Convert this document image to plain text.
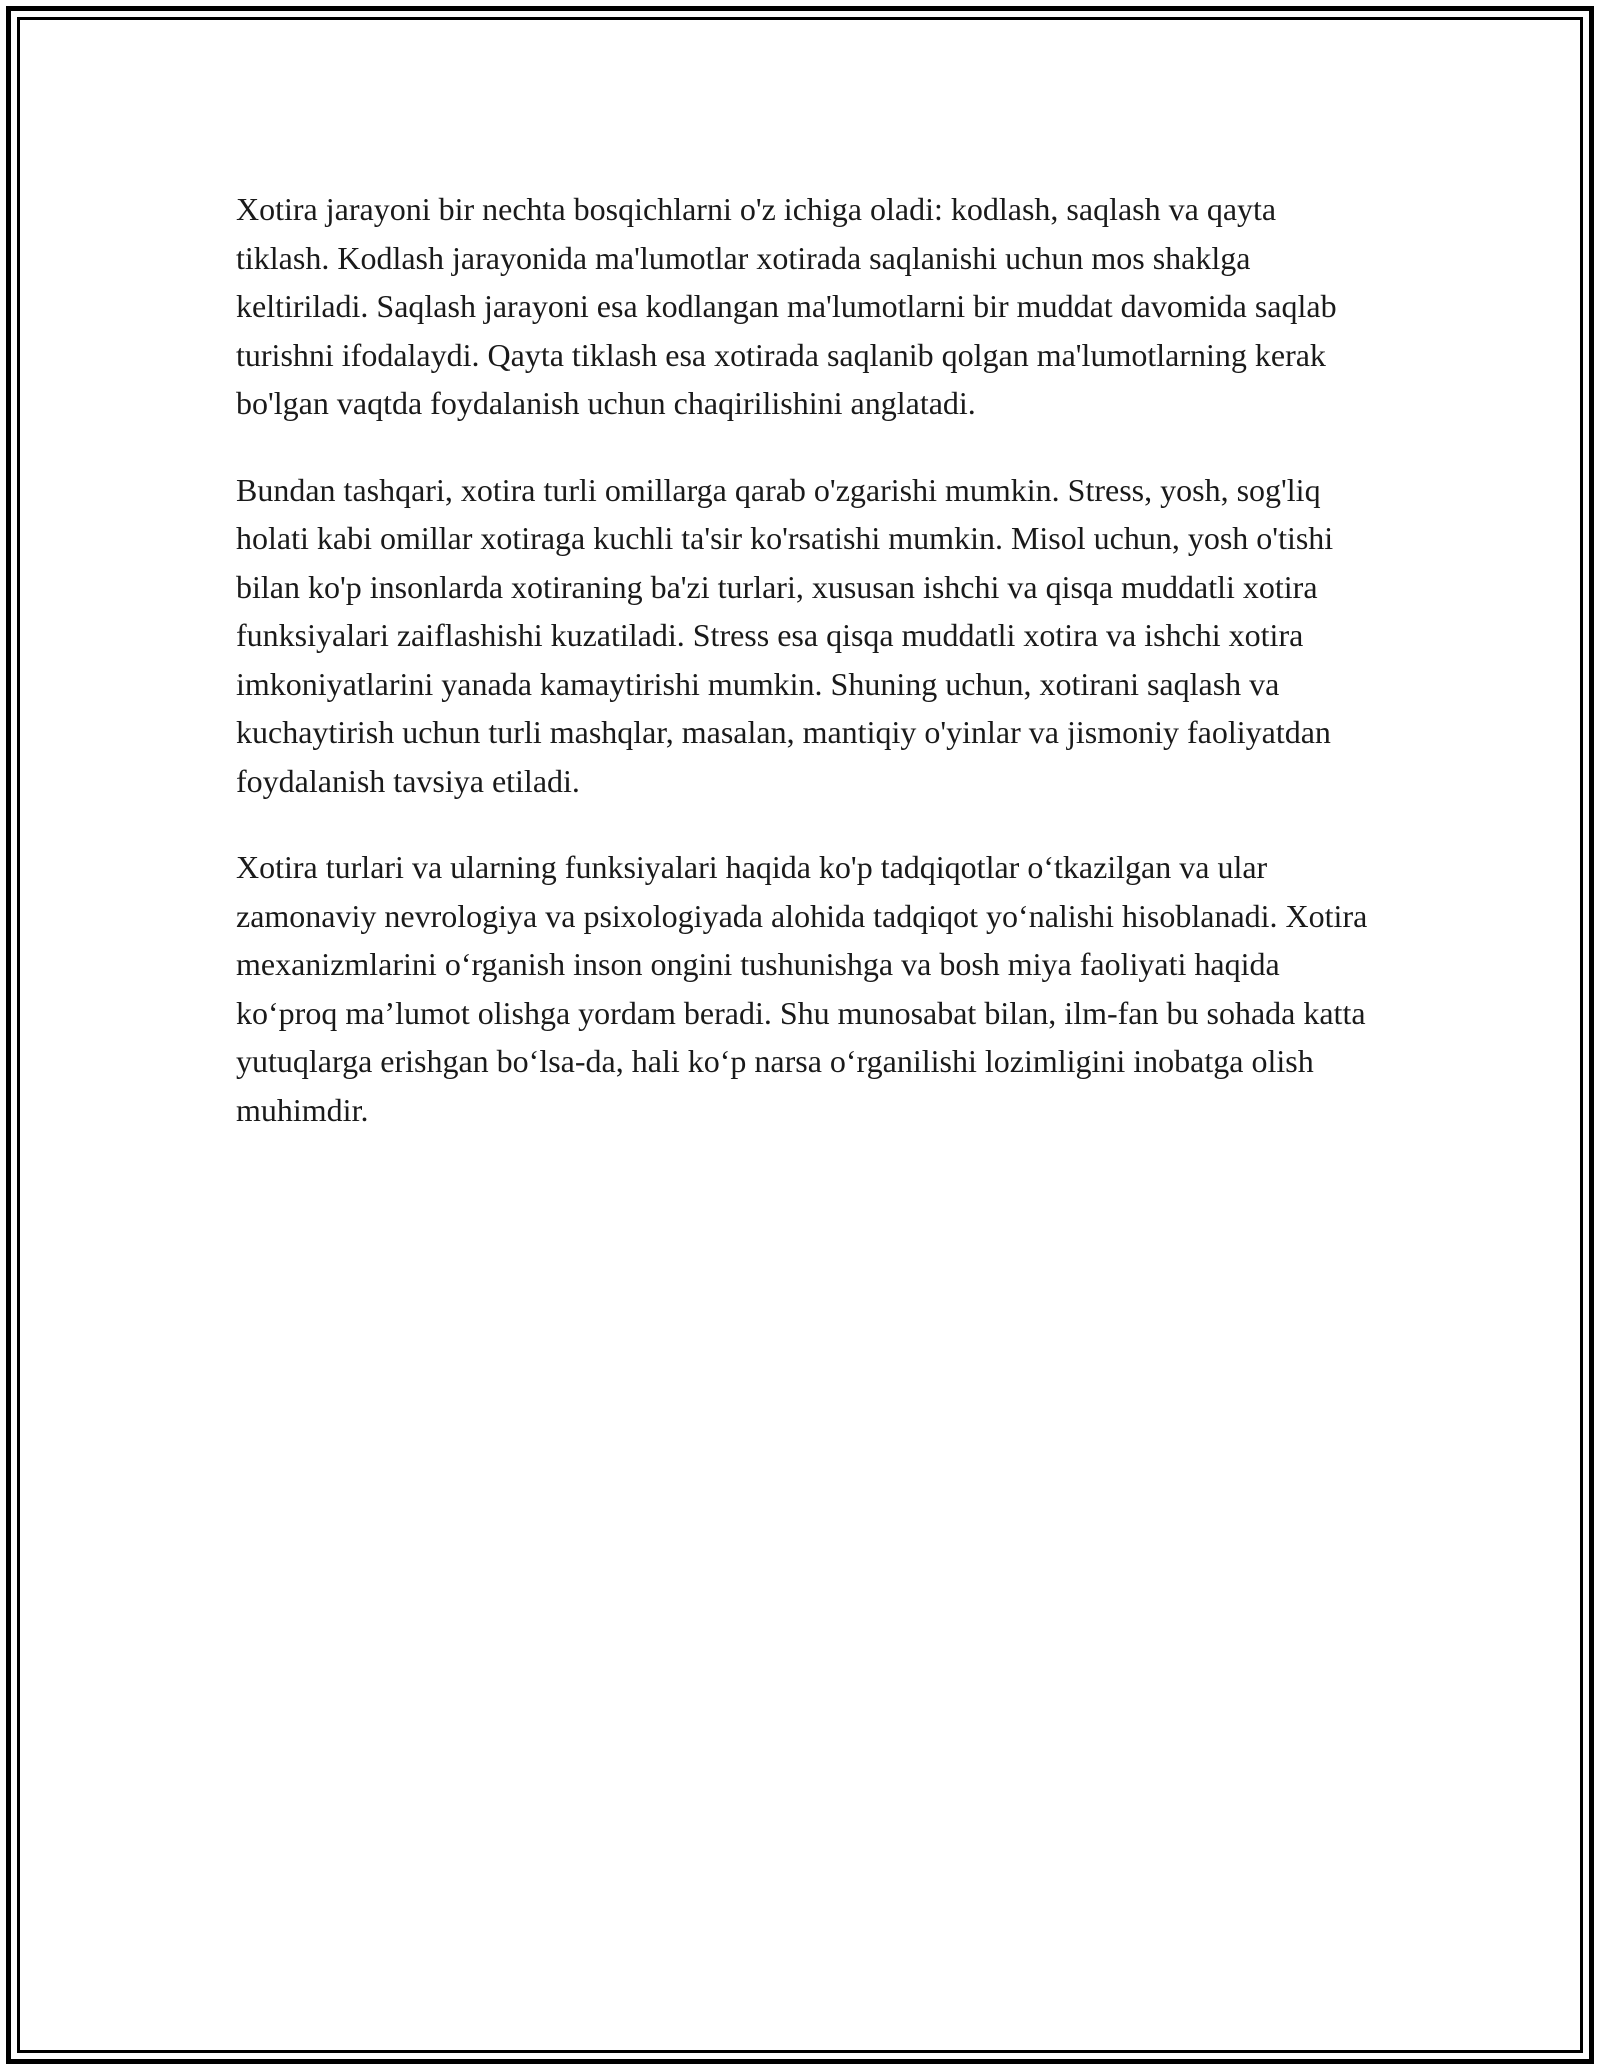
Xotira jarayoni bir nechta bosqichlarni o'z ichiga oladi: kodlash, saqlash va qayta tiklash. Kodlash jarayonida ma'lumotlar xotirada saqlanishi uchun mos shaklga keltiriladi. Saqlash jarayoni esa kodlangan ma'lumotlarni bir muddat davomida saqlab turishni ifodalaydi. Qayta tiklash esa xotirada saqlanib qolgan ma'lumotlarning kerak bo'lgan vaqtda foydalanish uchun chaqirilishini anglatadi.

Bundan tashqari, xotira turli omillarga qarab o'zgarishi mumkin. Stress, yosh, sog'liq holati kabi omillar xotiraga kuchli ta'sir ko'rsatishi mumkin. Misol uchun, yosh o'tishi bilan ko'p insonlarda xotiraning ba'zi turlari, xususan ishchi va qisqa muddatli xotira funksiyalari zaiflashishi kuzatiladi. Stress esa qisqa muddatli xotira va ishchi xotira imkoniyatlarini yanada kamaytirishi mumkin. Shuning uchun, xotirani saqlash va kuchaytirish uchun turli mashqlar, masalan, mantiqiy o'yinlar va jismoniy faoliyatdan foydalanish tavsiya etiladi.

Xotira turlari va ularning funksiyalari haqida ko'p tadqiqotlar o‘tkazilgan va ular zamonaviy nevrologiya va psixologiyada alohida tadqiqot yo‘nalishi hisoblanadi. Xotira mexanizmlarini o‘rganish inson ongini tushunishga va bosh miya faoliyati haqida ko‘proq ma’lumot olishga yordam beradi. Shu munosabat bilan, ilm-fan bu sohada katta yutuqlarga erishgan bo‘lsa-da, hali ko‘p narsa o‘rganilishi lozimligini inobatga olish muhimdir.
